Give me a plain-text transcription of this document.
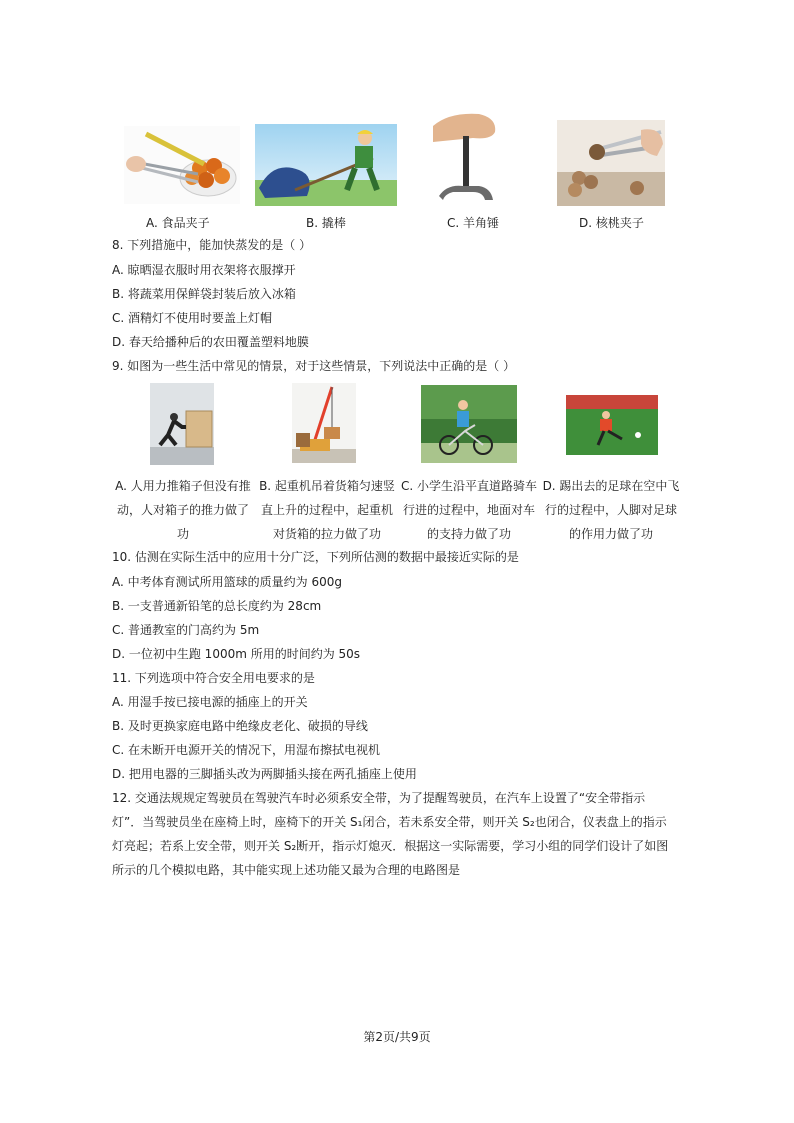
A. 食品夹子	B. 撬棒	C. 羊角锤	D. 核桃夹子
8. 下列措施中，能加快蒸发的是（ ）
A. 晾晒湿衣服时用衣架将衣服撑开
B. 将蔬菜用保鲜袋封装后放入冰箱
C. 酒精灯不使用时要盖上灯帽
D. 春天给播种后的农田覆盖塑料地膜
9. 如图为一些生活中常见的情景，对于这些情景，下列说法中正确的是（ ）
A. 人用力推箱子但没有推
动，人对箱子的推力做了
功
B. 起重机吊着货箱匀速竖
直上升的过程中，起重机
对货箱的拉力做了功
C. 小学生沿平直道路骑车
行进的过程中，地面对车
的支持力做了功
D. 踢出去的足球在空中飞
行的过程中，人脚对足球
的作用力做了功
10. 估测在实际生活中的应用十分广泛，下列所估测的数据中最接近实际的是
A. 中考体育测试所用篮球的质量约为 600g
B. 一支普通新铅笔的总长度约为 28cm
C. 普通教室的门高约为 5m
D. 一位初中生跑 1000m 所用的时间约为 50s
11. 下列选项中符合安全用电要求的是
A. 用湿手按已接电源的插座上的开关
B. 及时更换家庭电路中绝缘皮老化、破损的导线
C. 在未断开电源开关的情况下，用湿布擦拭电视机
D. 把用电器的三脚插头改为两脚插头接在两孔插座上使用
12. 交通法规规定驾驶员在驾驶汽车时必须系安全带，为了提醒驾驶员，在汽车上设置了“安全带指示
灯”．当驾驶员坐在座椅上时，座椅下的开关 S₁闭合，若未系安全带，则开关 S₂也闭合，仪表盘上的指示
灯亮起；若系上安全带，则开关 S₂断开，指示灯熄灭．根据这一实际需要，学习小组的同学们设计了如图
所示的几个模拟电路，其中能实现上述功能又最为合理的电路图是
第2页/共9页
